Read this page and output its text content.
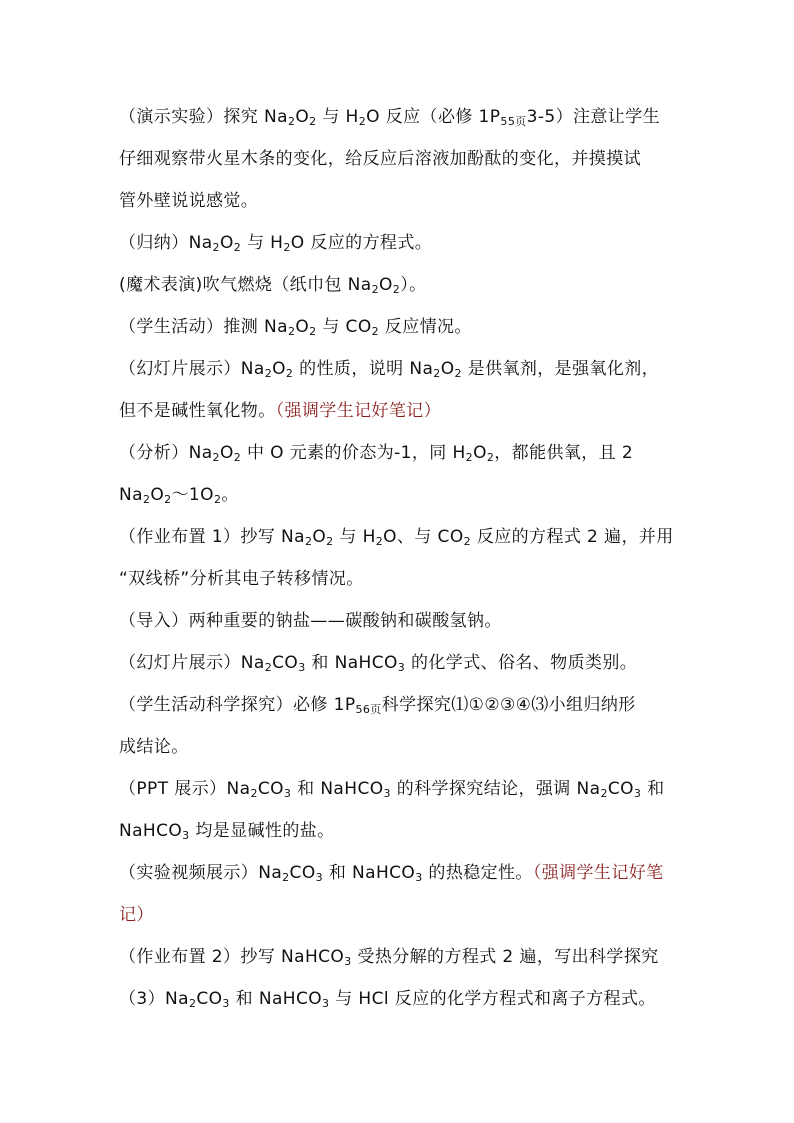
（演示实验）探究 $Na_2O_2$ 与 $H_2O$ 反应（必修 $1P_{55页}3-5$）注意让学生
仔细观察带火星木条的变化，给反应后溶液加酚酞的变化，并摸摸试
管外壁说说感觉。
（归纳）$Na_2O_2$ 与 $H_2O$ 反应的方程式。
(魔术表演)吹气燃烧（纸巾包 $Na_2O_2$）。
（学生活动）推测 $Na_2O_2$ 与 $CO_2$ 反应情况。
（幻灯片展示）$Na_2O_2$ 的性质，说明 $Na_2O_2$ 是供氧剂，是强氧化剂，
但不是碱性氧化物。（强调学生记好笔记）
（分析）$Na_2O_2$ 中 O 元素的价态为-1，同 $H_2O_2$，都能供氧，且 2
$Na_2O_2\sim 1O_2$。
（作业布置 1）抄写 $Na_2O_2$ 与 $H_2O$、与 $CO_2$ 反应的方程式 2 遍，并用
“双线桥”分析其电子转移情况。
（导入）两种重要的钠盐——碳酸钠和碳酸氢钠。
（幻灯片展示）$Na_2CO_3$ 和 NaHCO$_3$ 的化学式、俗名、物质类别。
（学生活动科学探究）必修 $1P_{56页}$科学探究⑴①②③④⑶小组归纳形
成结论。
（PPT 展示）$Na_2CO_3$ 和 NaHCO$_3$ 的科学探究结论，强调 $Na_2CO_3$ 和
NaHCO$_3$ 均是显碱性的盐。
（实验视频展示）$Na_2CO_3$ 和 NaHCO$_3$ 的热稳定性。（强调学生记好笔
记）
（作业布置 2）抄写 NaHCO$_3$ 受热分解的方程式 2 遍，写出科学探究
$(3)Na_2CO_3$ 和 NaHCO$_3$ 与 HCl 反应的化学方程式和离子方程式。
